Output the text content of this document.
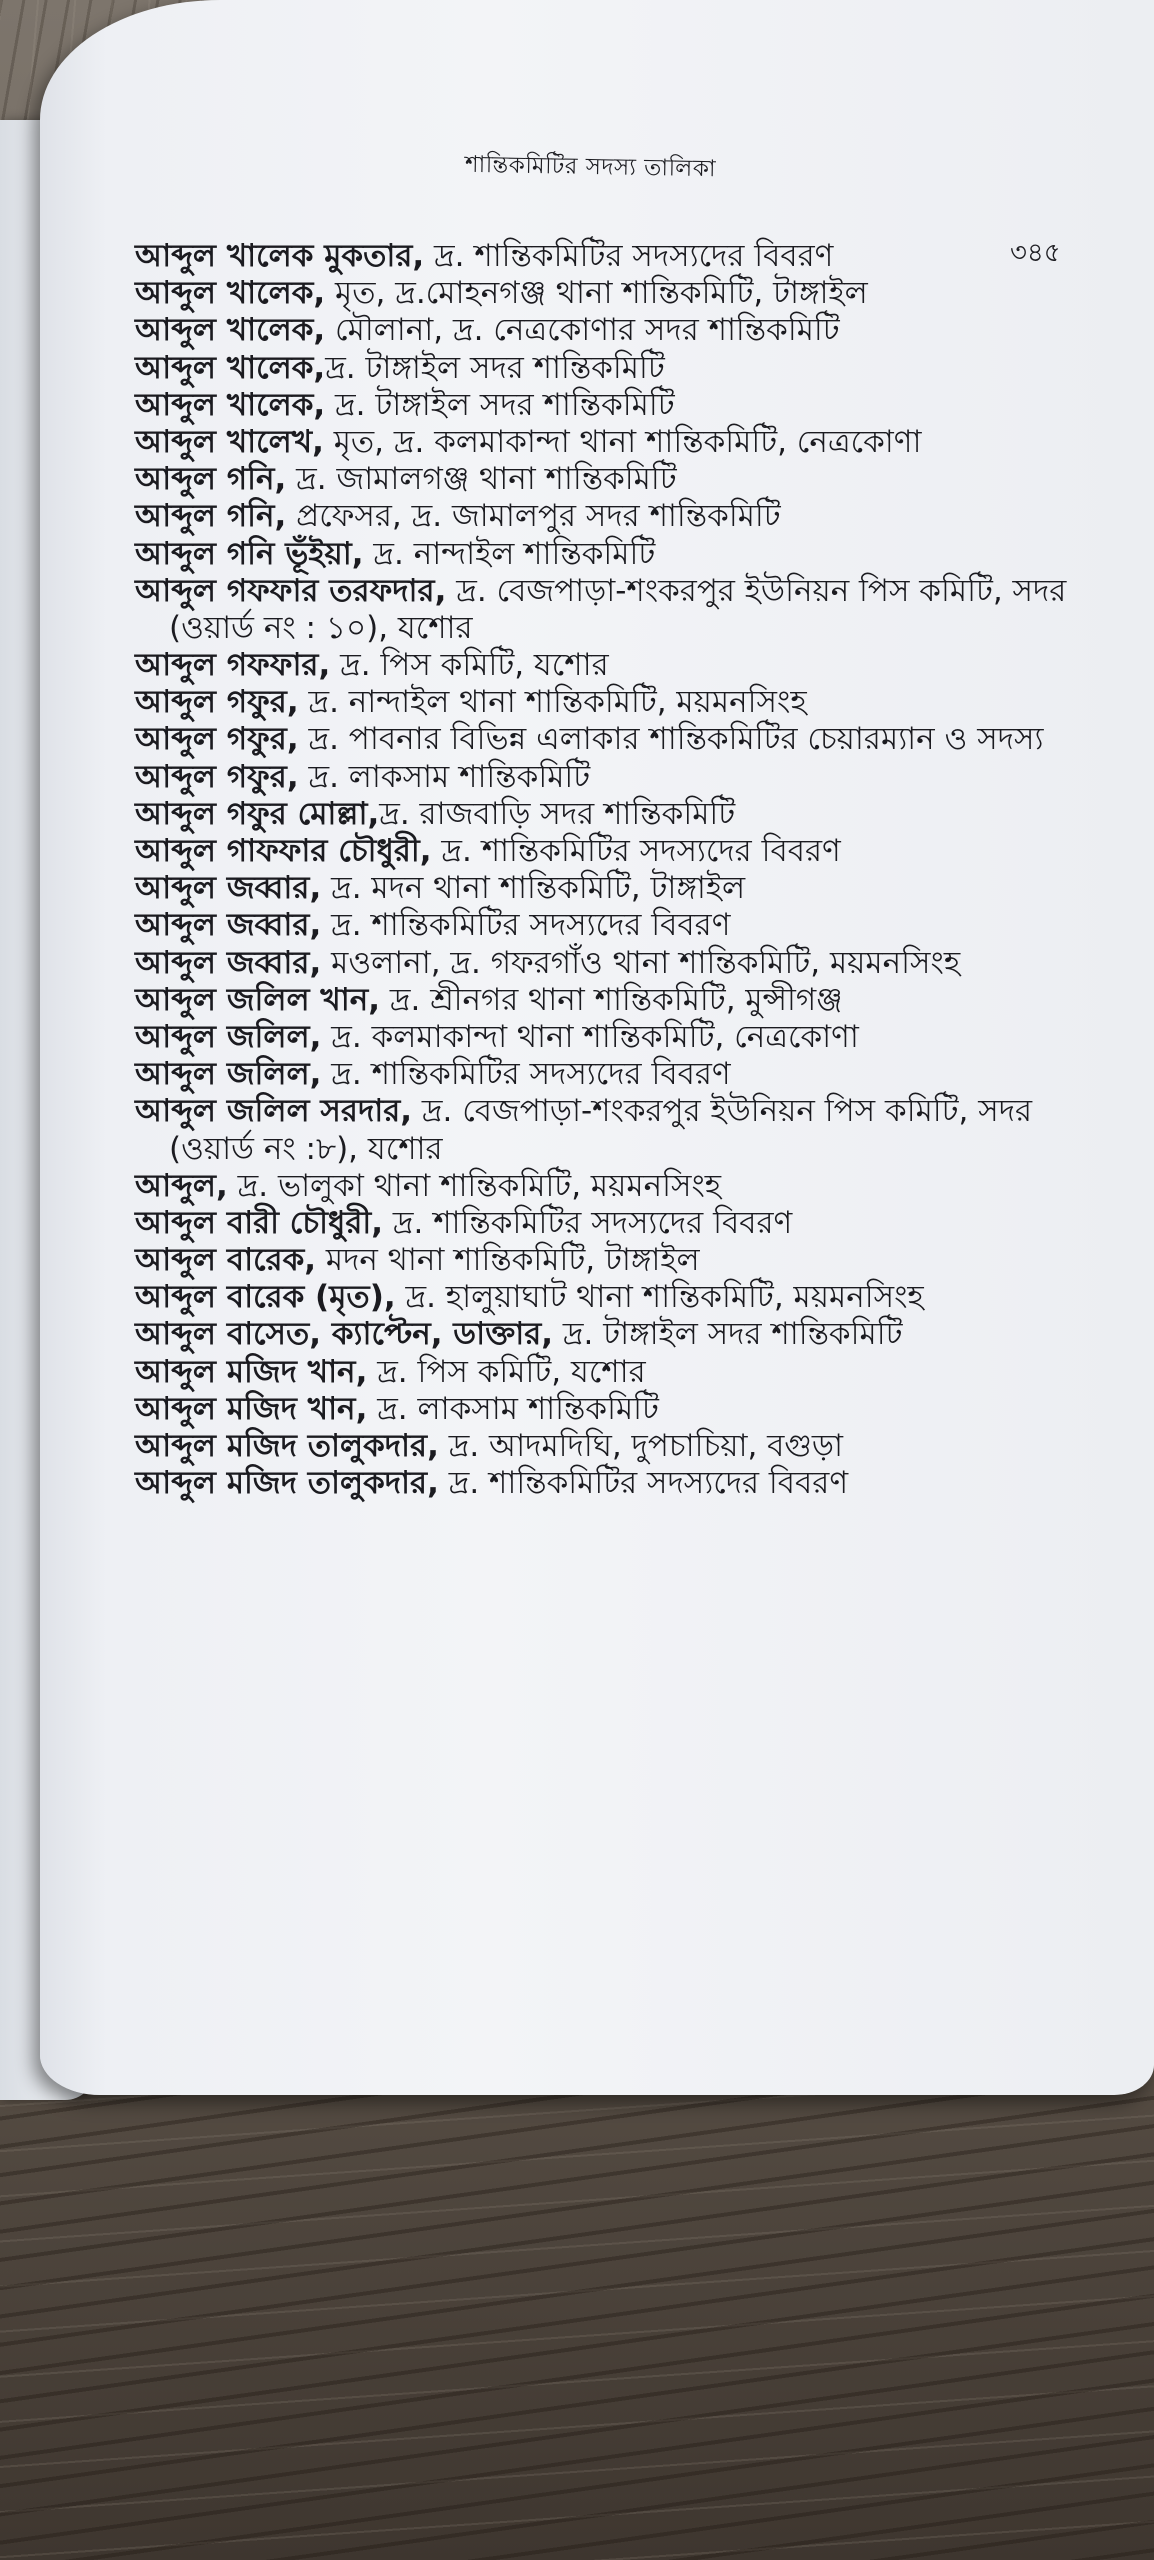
শান্তিকমিটির সদস্য তালিকা
৩৪৫

আব্দুল খালেক মুকতার, দ্র. শান্তিকমিটির সদস্যদের বিবরণ

আব্দুল খালেক, মৃত, দ্র.মোহনগঞ্জ থানা শান্তিকমিটি, টাঙ্গাইল

আব্দুল খালেক, মৌলানা, দ্র. নেত্রকোণার সদর শান্তিকমিটি

আব্দুল খালেক,দ্র. টাঙ্গাইল সদর শান্তিকমিটি

আব্দুল খালেক, দ্র. টাঙ্গাইল সদর শান্তিকমিটি

আব্দুল খালেখ, মৃত, দ্র. কলমাকান্দা থানা শান্তিকমিটি, নেত্রকোণা

আব্দুল গনি, দ্র. জামালগঞ্জ থানা শান্তিকমিটি

আব্দুল গনি, প্রফেসর, দ্র. জামালপুর সদর শান্তিকমিটি

আব্দুল গনি ভূঁইয়া, দ্র. নান্দাইল শান্তিকমিটি

আব্দুল গফফার তরফদার, দ্র. বেজপাড়া-শংকরপুর ইউনিয়ন পিস কমিটি, সদর

(ওয়ার্ড নং : ১০), যশোর

আব্দুল গফফার, দ্র. পিস কমিটি, যশোর

আব্দুল গফুর, দ্র. নান্দাইল থানা শান্তিকমিটি, ময়মনসিংহ

আব্দুল গফুর, দ্র. পাবনার বিভিন্ন এলাকার শান্তিকমিটির চেয়ারম্যান ও সদস্য

আব্দুল গফুর, দ্র. লাকসাম শান্তিকমিটি

আব্দুল গফুর মোল্লা,দ্র. রাজবাড়ি সদর শান্তিকমিটি

আব্দুল গাফফার চৌধুরী, দ্র. শান্তিকমিটির সদস্যদের বিবরণ

আব্দুল জব্বার, দ্র. মদন থানা শান্তিকমিটি, টাঙ্গাইল

আব্দুল জব্বার, দ্র. শান্তিকমিটির সদস্যদের বিবরণ

আব্দুল জব্বার, মওলানা, দ্র. গফরগাঁও থানা শান্তিকমিটি, ময়মনসিংহ

আব্দুল জলিল খান, দ্র. শ্রীনগর থানা শান্তিকমিটি, মুন্সীগঞ্জ

আব্দুল জলিল, দ্র. কলমাকান্দা থানা শান্তিকমিটি, নেত্রকোণা

আব্দুল জলিল, দ্র. শান্তিকমিটির সদস্যদের বিবরণ

আব্দুল জলিল সরদার, দ্র. বেজপাড়া-শংকরপুর ইউনিয়ন পিস কমিটি, সদর

(ওয়ার্ড নং :৮), যশোর

আব্দুল, দ্র. ভালুকা থানা শান্তিকমিটি, ময়মনসিংহ

আব্দুল বারী চৌধুরী, দ্র. শান্তিকমিটির সদস্যদের বিবরণ

আব্দুল বারেক, মদন থানা শান্তিকমিটি, টাঙ্গাইল

আব্দুল বারেক (মৃত), দ্র. হালুয়াঘাট থানা শান্তিকমিটি, ময়মনসিংহ

আব্দুল বাসেত, ক্যাপ্টেন, ডাক্তার, দ্র. টাঙ্গাইল সদর শান্তিকমিটি

আব্দুল মজিদ খান, দ্র. পিস কমিটি, যশোর

আব্দুল মজিদ খান, দ্র. লাকসাম শান্তিকমিটি

আব্দুল মজিদ তালুকদার, দ্র. আদমদিঘি, দুপচাচিয়া, বগুড়া

আব্দুল মজিদ তালুকদার, দ্র. শান্তিকমিটির সদস্যদের বিবরণ
